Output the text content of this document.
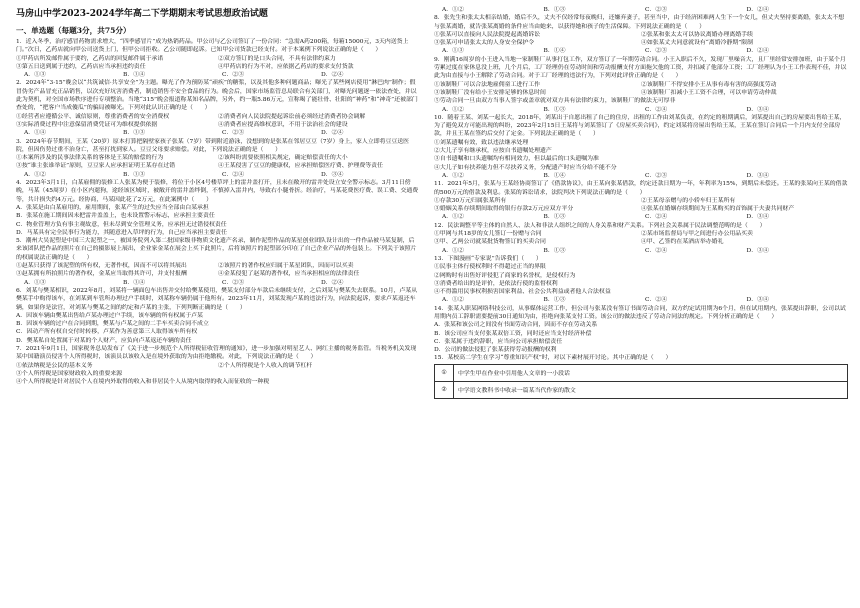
马房山中学2023-2024学年高二下学期期末考试思想政治试题
一、单选题（每题3分，共75分）

1．近入冬季，治疗感冒药物需求增大，“四季感冒片”成为热销药品。甲公司与乙公司签订了一份合同：“急需A药200箱，每箱15000元，3天内送货上门。”次日，乙药店就向甲公司送货上门，但甲公司拒收。乙公司随即起诉。已知甲公司货款已经支付。对于本案例下列说法正确的是（　　）

①甲药店所发邮件属于要约，乙药店的回复邮件属于承诺	②双方签订的是口头合同，不具有法律约束力
③第五日送到属于违约，乙药店应当承担违约责任	④甲药店的行为不对，应依据乙药店的要求支付货款
A．①③	B．①④	C．②③	D．②④

2．2024年“3·15”晚会以“共筑诚信·共享安全”为主题。曝光了作为预防某“顽疾”的糖浆，以及其他多种问题商品；曝光了某些网店使用“淋巴肉”制作；假冒伪劣产品冒充正品销售，以次充好坑害消费者，制造销售不安全食品的行为。晚会后，国家市场监管总局联合有关部门，对曝光问题逐一依法查处，并以此为契机，对全国市场秩序进行专项整治。当地“315”晚会报道称某知名品牌，另外，约一瓶5.86万元，宣称喝了能壮骨、壮阳的“神药”和“神奇”还被部门查处的，“把客户当成傻瓜”的骗局被曝光。下列对此认识正确的是（　　）

①经营者应遵循公平、诚信原则，尊重消费者的安全消费权	②消费者向人民法院提起诉讼前必须经过消费者协会调解
③实际消费过程中注意保留消费凭证可为维权提供依据	④消费者应提高维权意识，不用于法治社会的建设
A．①④	B．①③	C．②③	D．②④

3．2024年春节期间，王某（20岁）原本打算把隔壁家孩子张某（7岁）带到附近游泳，没想到的是张某在邻居豆豆（7岁）身上，家人立即将豆豆送医院，但因伤势过重不治身亡，甚至打扰到家人。豆豆父母要求赔偿。对此，下列说法正确的是（　　）

①本案所涉及的民事法律关系的客体是王某的赔偿的行为	②该纠纷需要依照相关规定，确定赔偿责任的大小
③按“谁主张谁举证”原则，豆豆家人应承担证明王某存在过错	④王某侵害了豆豆的健康权，应承担赔偿医疗费、护理费等责任
A．①②	B．①③	C．②④	D．③④

4．2023年3月1日，白某雇佣的装修工人张某为便于装修，将位于小区4号楼草坪上的雷井盖打开，且未在敞开的雷井处设立安全警示标志。3月11日傍晚，马某（45周岁）在小区内遛狗，途经该区域时，被敞开的雷井盖绊倒，不慎掉入雷井内，导致右小腿骨折。经治疗，马某花费医疗费、误工费、交通费等，共计损失约4万元。经协商，马某因此花了2万元，在此案例中（　　）

A．张某是由白某雇用的，雇用期间，张某产生的过失应当全部由白某承担
B．张某在施工期间因未把雷井盖盖上，也未设置警示标志，应承担主要责任
C．物业管理方负有事主观故意，但未尽到安全管理义务，应承担无过错侵权责任
D．马某具有完全民事行为能力，其随意进入草坪的行为，自己应当承担主要责任

5．潮州大吴泥塑是中国三大泥塑之一，被国务院列入第二批国家级非物质文化遗产名录，制作泥塑作品的某星创业团队设计出的一件作品被马某复制，后来该团队把作品的照片在自己的摄影展上展出，企业家金某在展会上买下此照片，后将该照片的泥塑部分印在了自己企业产品的外包装上。下列关于该照片的权属说法正确的是（　　）

①赵某只获得了该泥塑的所有权，无著作权，因而不可以将其展出	②该照片的著作权应归属于某星团队，因而可以买卖
③赵某拥有所拍照片的著作权，金某应当取得其许可，并支付报酬	④金某侵犯了赵某的著作权，应当承担相应的法律责任
A．①③	B．①④	C．②③	D．②④

6．刘某与樊某相识，2022年8月，刘某将一辆面包车出售并交付给樊某使用，樊某支付部分车款后未继续支付，之后刘某与樊某失去联系。10月，卢某从樊某手中购得该车，在刘某到车管所办理过户手续时，刘某称车辆仍属于他所有。2023年11月，刘某发现卢某的违法行为，向法院起诉，要求卢某返还车辆，如果你是法官，对刘某与樊某之间的约定和卢某的主张，下列判断正确的是（　　）

A．因该车辆由樊某出售给卢某办理过户手续，该车辆的所有权属于卢某
B．因该车辆的过户在合同到期，樊某与卢某之间的二手车买卖合同不成立
C．因动产所有权自交付时转移，卢某作为善意第三人取得该车所有权
D．樊某私自处置属于对某的个人财产，应负向卢某返还车辆的责任

7．2021年9月1日，国家税务总局发布了《关于进一步规范个人所得税征收管理的通知》，进一步加强对明星艺人、网红主播的税务监管。当税务机关发现某中国籍演员侵害个人所得税时，该演员以该收入是在境外获取的为由拒绝缴税。对此，下列说法正确的是（　　）

①依法纳税是公民的基本义务	②个人所得税是个人收入的调节杠杆
③个人所得税是国家财政收入的重要来源
④个人所得税是针对居民个人在境内外取得的收入和非居民个人从境内取得的收入而征收的一种税
A．①②	B．①③	C．②③	D．②④

8．张先生和张太太相亲结婚，婚后不久，丈夫不仅经常每夜晚归，还嫌弃妻子，甚至当中，由于经济困难两人生下一个女儿，但丈夫坚持要离婚，张太太不想与张某离婚，就告张某离婚的条件应当由她来，以获得她和孩子的生活保障。下列说法正确的是（　　）

①张某可以直接向人民法院提起离婚诉讼	②张某和张太太可以协议离婚办理离婚手续
③张某可申请张太太的人身安全保护令	④如张某丈夫同意就设有“离婚冷静期”限制
A．①③	B．①④	C．②③	D．②④

9．刚满16周岁的小王进入当地一家制鞋厂从事打包工作，双方签订了一年期劳动合同。小王入职后不久，发现厂里噪音大，且厂里经常安排加班，由于某个月劳累过度在家休息没上班，几个月后，工厂经理仍在劳动时间和劳动报酬支付方面拖欠他的工资，并扣减了他部分工资；工厂经理认为小王工作表现不佳，并以此为由直接与小王解除了劳动合同。对于工厂经理的违法行为，下列对此评价正确的是（　　）

①该制鞋厂可以合法地雇佣童工进行工作	②该制鞋厂不得安排小王从事有毒有害的高强度劳动
③该制鞋厂没有给小王安排足够的休息时间	④该制鞋厂扣减小王工资不合理，可以申请劳动仲裁
⑤劳动合同一旦由双方当事人签字或盖章就对双方具有法律约束力，该制鞋厂的做法无可厚非
A．①②	B．①③	C．②④	D．③④

10．随着王某、刘某一起长大，2018年，刘某出于自愿出租了自己的住房，出租的工作由刘某负责，在约定的租期满后，刘某提出自己的房屋要出售给王某，为了避免双方可能出现的纠纷，2023年2月15日王某将与刘某签订了《房屋买卖合同》，约定刘某将房屋出售给王某，王某在签订合同后一个月内支付全部房款，并且王某在签约后交付了定金。下列说法正确的是（　　）

①刘某遗嘱有效，致以违法继承处理
②大儿子享有继承权，应按自书遗嘱处理遗产
③自书遗嘱和口头遗嘱均有相同效力，但以最后的口头遗嘱为准
④大儿子如有扶养能力但不尽扶养义务，分配遗产时应当分给不能不分
A．①②	B．①④	C．②③	D．③④

11．2021年5月，张某与王某经协商签订了《借款协议》，由王某向张某借款，约定还款日期为一年，年利率为15%，到期后未偿还。王某的张某向王某的借款的500万元的借款及利息。张某的诉讼请求，法院判决下列说法正确的是（　　）

①存款30万元归属张某所有	②王某母亲赠与的小轿车归王某所有
③婚姻关系存续期间取得的银行存款2万元应双方平分	④张某在婚姻存续期间为王某购买的首饰属于夫妻共同财产
A．①②	B．①③	C．②④	D．③④

12．民法调整平等主体的自然人、法人和非法人组织之间的人身关系和财产关系。下列社会关系属于民法调整范畴的是（　　）

①甲网与其18岁的女儿签订一份赠与合同	②某市场监督局与甲之间进行办公用品买卖
③甲、乙两公司就某批货物签订的买卖合同	④甲、乙签约在某酒店举办婚礼
A．①②	B．①③	C．②④	D．③④

13．下图漫画“专家说”告诉我们（　　）

①民事主体行使权利时不得超过正当的界限
②网购时有出售好评侵犯了商家的名誉权，是侵权行为
③消费者给出的是评价，是依法行使的监督权利
④不得滥用民事权利损害国家利益、社会公共利益或者他人合法权益
A．①②	B．①③	C．②④	D．③④

14．张某入职某网络科技公司，从事媒体运营工作，但公司与张某没有签订书面劳动合同，双方约定试用期为6个月，但在试用期内，张某提出辞职，公司以试用期内员工辞职需要提前30日通知为由，拒绝向张某支付工资。该公司的做法违反了劳动合同法的规定。下列分析正确的是（　　）

A．张某和该公司之间没有书面劳动合同，因而不存在劳动关系
B．该公司应当支付张某双倍工资，同时还应当支付经济补偿
C．张某属于违约辞职，应当向公司承担赔偿责任
D．公司的做法侵犯了张某获得劳动报酬的权利

15．某校高二学生在学习“尊重知识产权”时，对以下素材展开讨论。其中正确的是（　　）

①	中学生甲在作业中引用他人文章的一小段话
②	中学语文教科书中收录一篇某当代作家的散文
